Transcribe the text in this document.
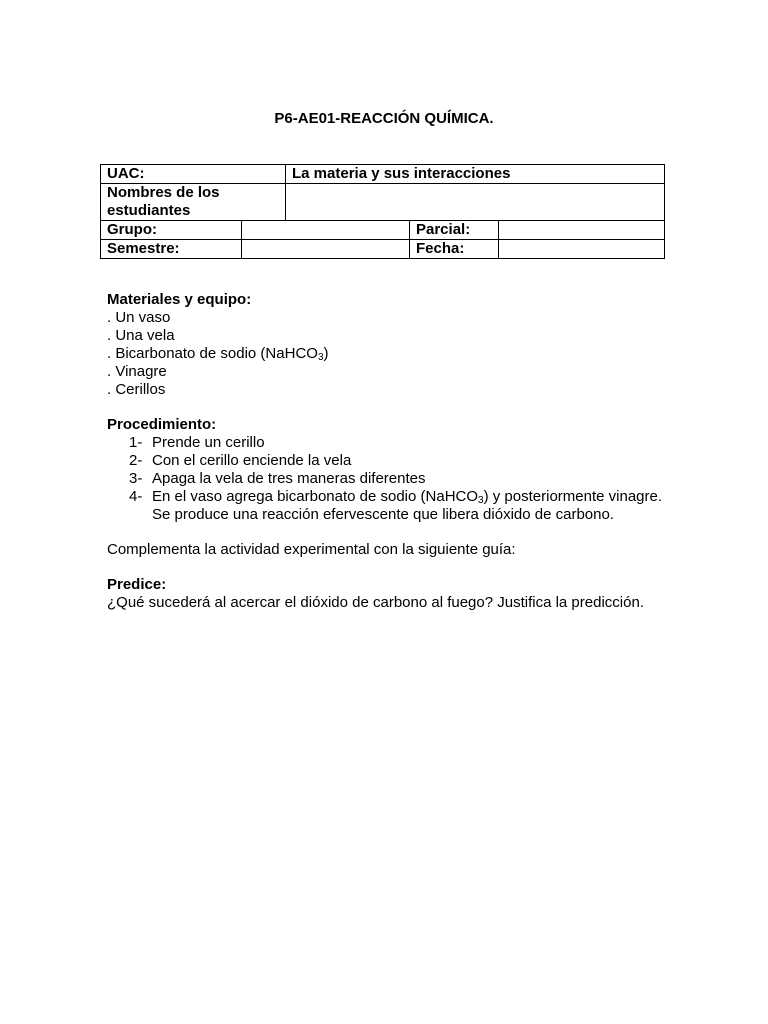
P6-AE01-REACCIÓN QUÍMICA.
UAC:		La materia y sus interacciones		
Nombres de los estudiantes				
Grupo:			Parcial:	
Semestre:			Fecha:	
Materiales y equipo:
. Un vaso
. Una vela
. Bicarbonato de sodio (NaHCO$_3$)
. Vinagre
. Cerillos
Procedimiento:
1- Prende un cerillo
2- Con el cerillo enciende la vela
3- Apaga la vela de tres maneras diferentes
4- En el vaso agrega bicarbonato de sodio (NaHCO$_3$) y posteriormente vinagre. Se produce una reacción efervescente que libera dióxido de carbono.
Complementa la actividad experimental con la siguiente guía:
Predice:
¿Qué sucederá al acercar el dióxido de carbono al fuego? Justifica la predicción.
